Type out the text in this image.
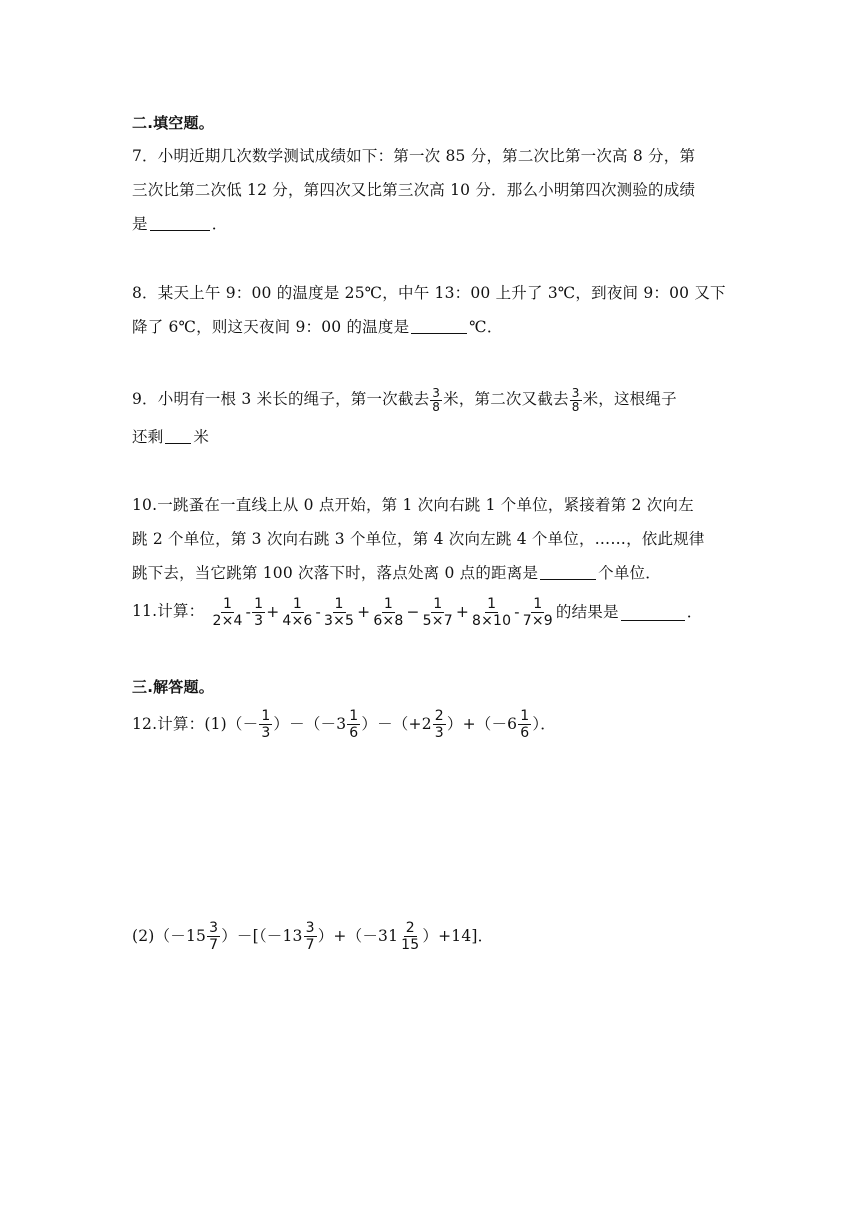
二.填空题。
7．小明近期几次数学测试成绩如下：第一次 85 分，第二次比第一次高 8 分，第
三次比第二次低 12 分，第四次又比第三次高 10 分．那么小明第四次测验的成绩
是	．
8．某天上午 9：00 的温度是 25℃，中午 13：00 上升了 3℃，到夜间 9：00 又下
降了 6℃，则这天夜间 9：00 的温度是	℃．
9．小明有一根 3 米长的绳子，第一次截去 $\frac{3}{8}$ 米，第二次又截去 $\frac{3}{8}$ 米，这根绳子
还剩 米
10.一跳蚤在一直线上从 0 点开始，第 1 次向右跳 1 个单位，紧接着第 2 次向左
跳 2 个单位，第 3 次向右跳 3 个单位，第 4 次向左跳 4 个单位，……，依此规律
跳下去，当它跳第 100 次落下时，落点处离 0 点的距离是	个单位．
11.计算： $\frac{1}{2\times 4} - \frac{1}{3} + \frac{1}{4\times 6} - \frac{1}{3\times 5} + \frac{1}{6\times 8} - \frac{1}{5\times 7} + \frac{1}{8\times 10} - \frac{1}{7\times 9}$ 的结果是	．
三.解答题。
12.计算：$(1)(- \frac{1}{3} )-(-3 \frac{1}{6} )-(+2 \frac{2}{3} )+(-6 \frac{1}{6}$ ）．
$(2)(-15 \frac{3}{7} )-[(-13 \frac{3}{7} )+(-31 \frac{2}{15} )+14]$．
